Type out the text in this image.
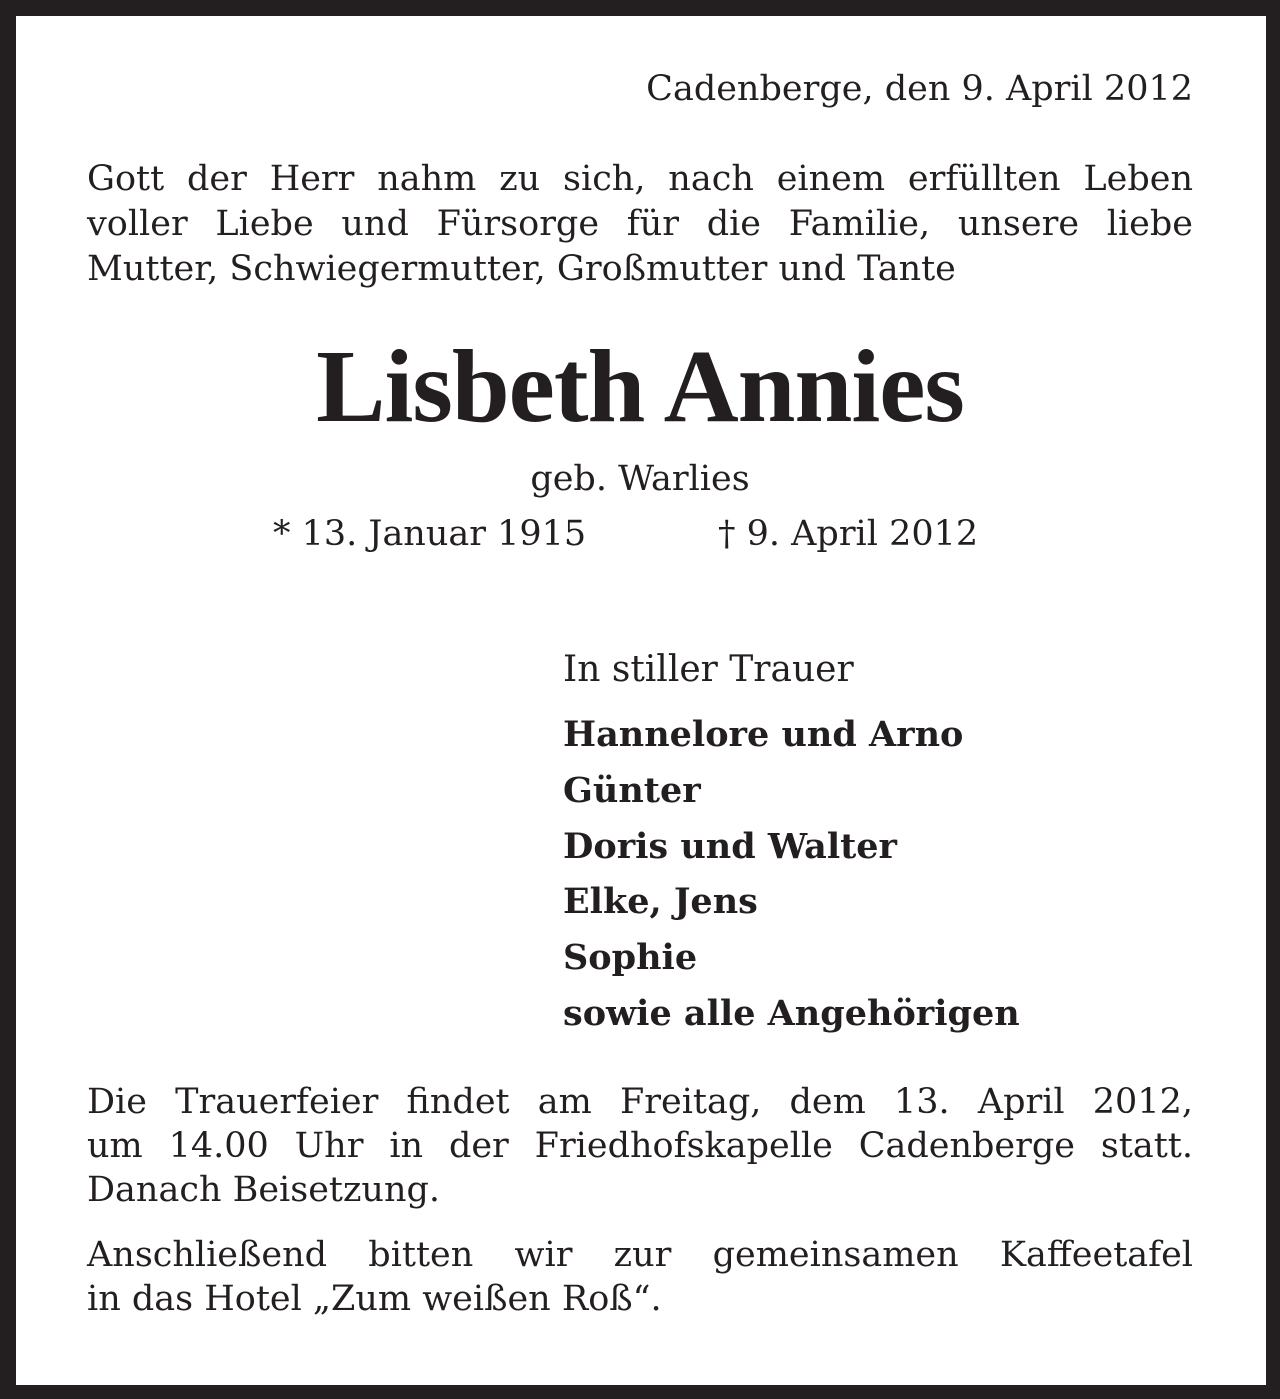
Cadenberge, den 9. April 2012
Gott der Herr nahm zu sich, nach einem erfüllten Leben
voller Liebe und Fürsorge für die Familie, unsere liebe
Mutter, Schwiegermutter, Großmutter und Tante
Lisbeth Annies
geb. Warlies
* 13. Januar 1915	† 9. April 2012
In stiller Trauer
Hannelore und Arno
Günter
Doris und Walter
Elke, Jens
Sophie
sowie alle Angehörigen
Die Trauerfeier findet am Freitag, dem 13. April 2012,
um 14.00 Uhr in der Friedhofskapelle Cadenberge statt.
Danach Beisetzung.
Anschließend bitten wir zur gemeinsamen Kaffeetafel
in das Hotel „Zum weißen Roß“.
